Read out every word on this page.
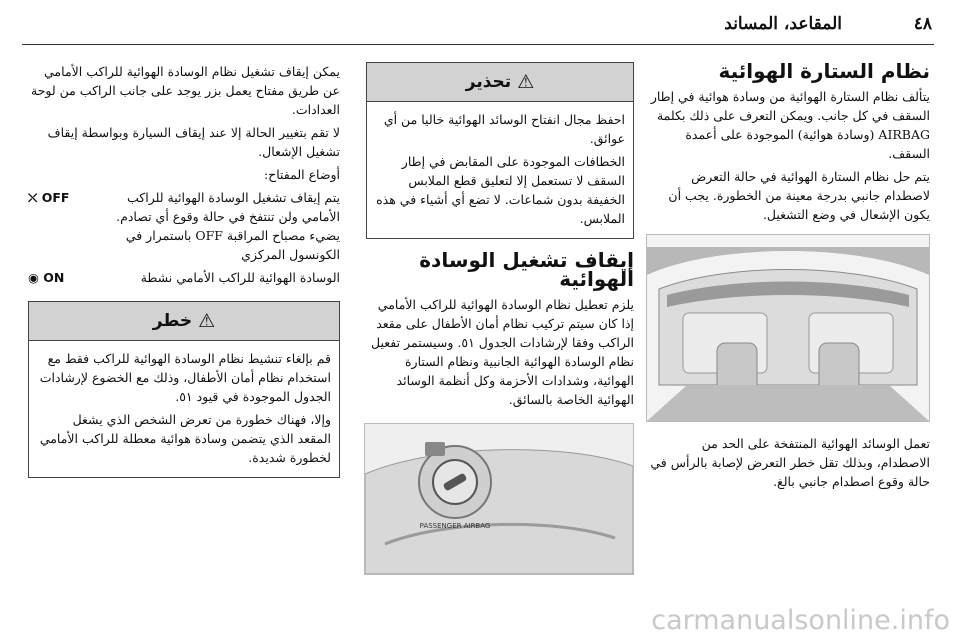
٤٨
المقاعد، المساند
نظام الستارة الهوائية

يتألف نظام الستارة الهوائية من وسادة هوائية في إطار السقف في كل جانب. ويمكن التعرف على ذلك بكلمة AIRBAG (وسادة هوائية) الموجودة على أعمدة السقف.

يتم حل نظام الستارة الهوائية في حالة التعرض لاصطدام جانبي بدرجة معينة من الخطورة. يجب أن يكون الإشعال في وضع التشغيل.

تعمل الوسائد الهوائية المنتفخة على الحد من الاصطدام، وبذلك تقل خطر التعرض لإصابة بالرأس في حالة وقوع اصطدام جانبي بالغ.

⚠
تحذير

احفظ مجال انفتاح الوسائد الهوائية خاليا من أي عوائق.

الخطافات الموجودة على المقابض في إطار السقف لا تستعمل إلا لتعليق قطع الملابس الخفيفة بدون شماعات. لا تضع أي أشياء في هذه الملابس.

إيقاف تشغيل الوسادة الهوائية

يلزم تعطيل نظام الوسادة الهوائية للراكب الأمامي إذا كان سيتم تركيب نظام أمان الأطفال على مقعد الراكب وفقا لإرشادات الجدول ٥١. وسيستمر تفعيل نظام الوسادة الهوائية الجانبية ونظام الستارة الهوائية، وشدادات الأحزمة وكل أنظمة الوسائد الهوائية الخاصة بالسائق.

PASSENGER AIRBAG

يمكن إيقاف تشغيل نظام الوسادة الهوائية للراكب الأمامي عن طريق مفتاح يعمل بزر يوجد على جانب الراكب من لوحة العدادات.

لا تقم بتغيير الحالة إلا عند إيقاف السيارة وبواسطة إيقاف تشغيل الإشعال.

أوضاع المفتاح:

يتم إيقاف تشغيل الوسادة الهوائية للراكب الأمامي ولن تنتفخ في حالة وقوع أي تصادم.
يضيء مصباح المراقبة OFF باستمرار في الكونسول المركزي
⛌ OFF
الوسادة الهوائية للراكب الأمامي نشطة
◉ ON
⚠
خطر

قم بإلغاء تنشيط نظام الوسادة الهوائية للراكب فقط مع استخدام نظام أمان الأطفال، وذلك مع الخضوع لإرشادات الجدول الموجودة في قيود ٥١.

وإلا، فهناك خطورة من تعرض الشخص الذي يشغل المقعد الذي يتضمن وسادة هوائية معطلة للراكب الأمامي لخطورة شديدة.

carmanualsonline.info
